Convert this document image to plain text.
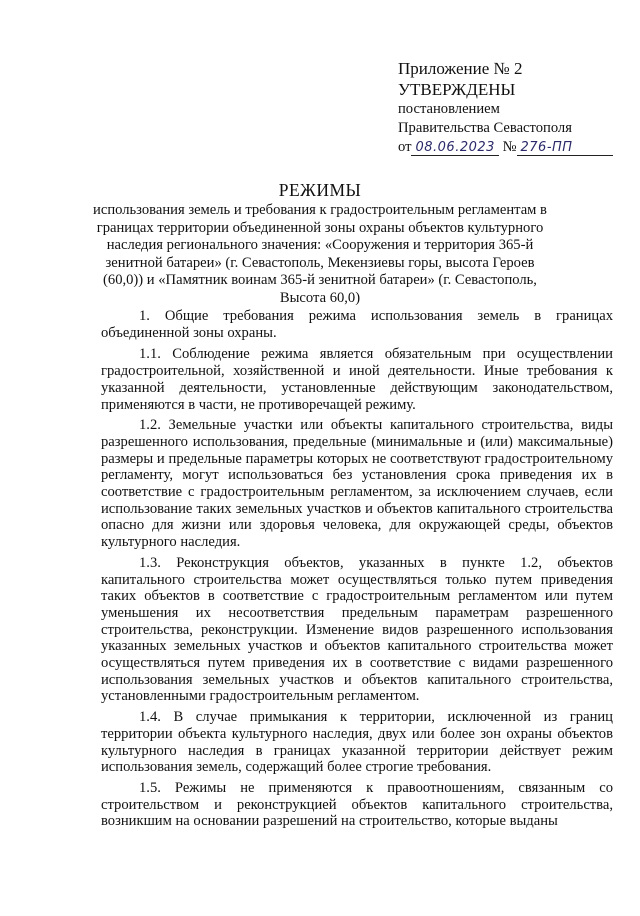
Приложение № 2
УТВЕРЖДЕНЫ
постановлением
Правительства Севастополя
от 08.06.2023 № 276-ПП
РЕЖИМЫ
использования земель и требования к градостроительным регламентам в границах территории объединенной зоны охраны объектов культурного наследия регионального значения: «Сооружения и территория 365-й зенитной батареи» (г. Севастополь, Мекензиевы горы, высота Героев (60,0)) и «Памятник воинам 365-й зенитной батареи» (г. Севастополь, Высота 60,0)

1. Общие требования режима использования земель в границах объединенной зоны охраны.

1.1. Соблюдение режима является обязательным при осуществлении градостроительной, хозяйственной и иной деятельности. Иные требования к указанной деятельности, установленные действующим законодательством, применяются в части, не противоречащей режиму.

1.2. Земельные участки или объекты капитального строительства, виды разрешенного использования, предельные (минимальные и (или) максимальные) размеры и предельные параметры которых не соответствуют градостроительному регламенту, могут использоваться без установления срока приведения их в соответствие с градостроительным регламентом, за исключением случаев, если использование таких земельных участков и объектов капитального строительства опасно для жизни или здоровья человека, для окружающей среды, объектов культурного наследия.

1.3. Реконструкция объектов, указанных в пункте 1.2, объектов капитального строительства может осуществляться только путем приведения таких объектов в соответствие с градостроительным регламентом или путем уменьшения их несоответствия предельным параметрам разрешенного строительства, реконструкции. Изменение видов разрешенного использования указанных земельных участков и объектов капитального строительства может осуществляться путем приведения их в соответствие с видами разрешенного использования земельных участков и объектов капитального строительства, установленными градостроительным регламентом.

1.4. В случае примыкания к территории, исключенной из границ территории объекта культурного наследия, двух или более зон охраны объектов культурного наследия в границах указанной территории действует режим использования земель, содержащий более строгие требования.

1.5. Режимы не применяются к правоотношениям, связанным со строительством и реконструкцией объектов капитального строительства, возникшим на основании разрешений на строительство, которые выданы
